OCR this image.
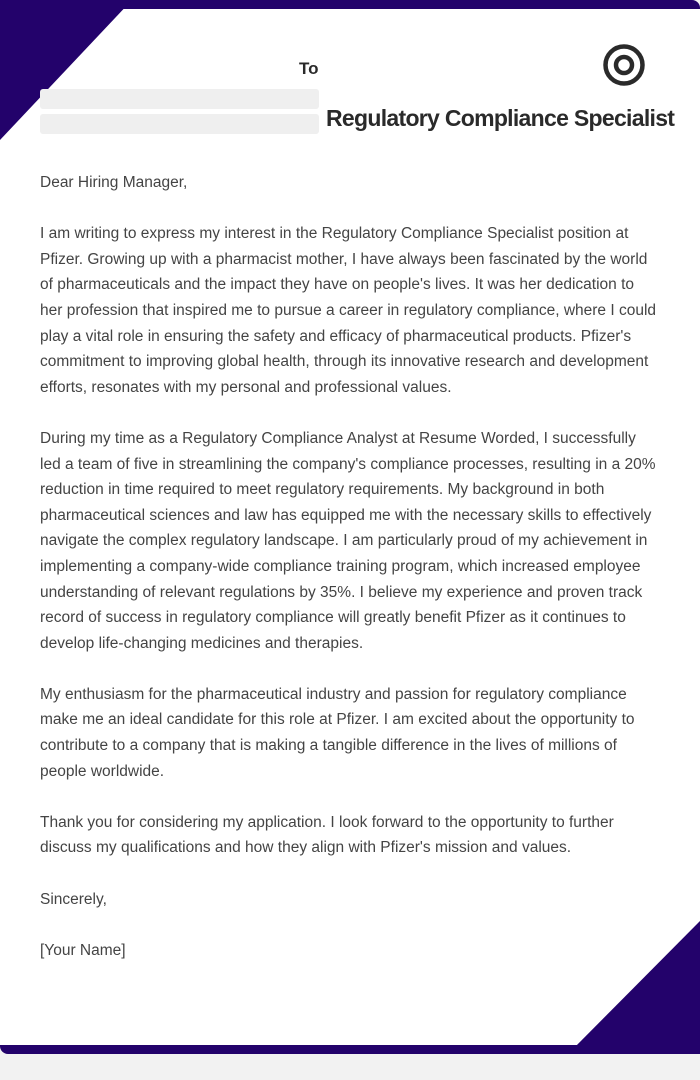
To
Regulatory Compliance Specialist

Dear Hiring Manager,

I am writing to express my interest in the Regulatory Compliance Specialist position at Pfizer. Growing up with a pharmacist mother, I have always been fascinated by the world of pharmaceuticals and the impact they have on people's lives. It was her dedication to her profession that inspired me to pursue a career in regulatory compliance, where I could play a vital role in ensuring the safety and efficacy of pharmaceutical products. Pfizer's commitment to improving global health, through its innovative research and development efforts, resonates with my personal and professional values.

During my time as a Regulatory Compliance Analyst at Resume Worded, I successfully led a team of five in streamlining the company's compliance processes, resulting in a 20% reduction in time required to meet regulatory requirements. My background in both pharmaceutical sciences and law has equipped me with the necessary skills to effectively navigate the complex regulatory landscape. I am particularly proud of my achievement in implementing a company-wide compliance training program, which increased employee understanding of relevant regulations by 35%. I believe my experience and proven track record of success in regulatory compliance will greatly benefit Pfizer as it continues to develop life-changing medicines and therapies.

My enthusiasm for the pharmaceutical industry and passion for regulatory compliance make me an ideal candidate for this role at Pfizer. I am excited about the opportunity to contribute to a company that is making a tangible difference in the lives of millions of people worldwide.

Thank you for considering my application. I look forward to the opportunity to further discuss my qualifications and how they align with Pfizer's mission and values.

Sincerely,

[Your Name]
